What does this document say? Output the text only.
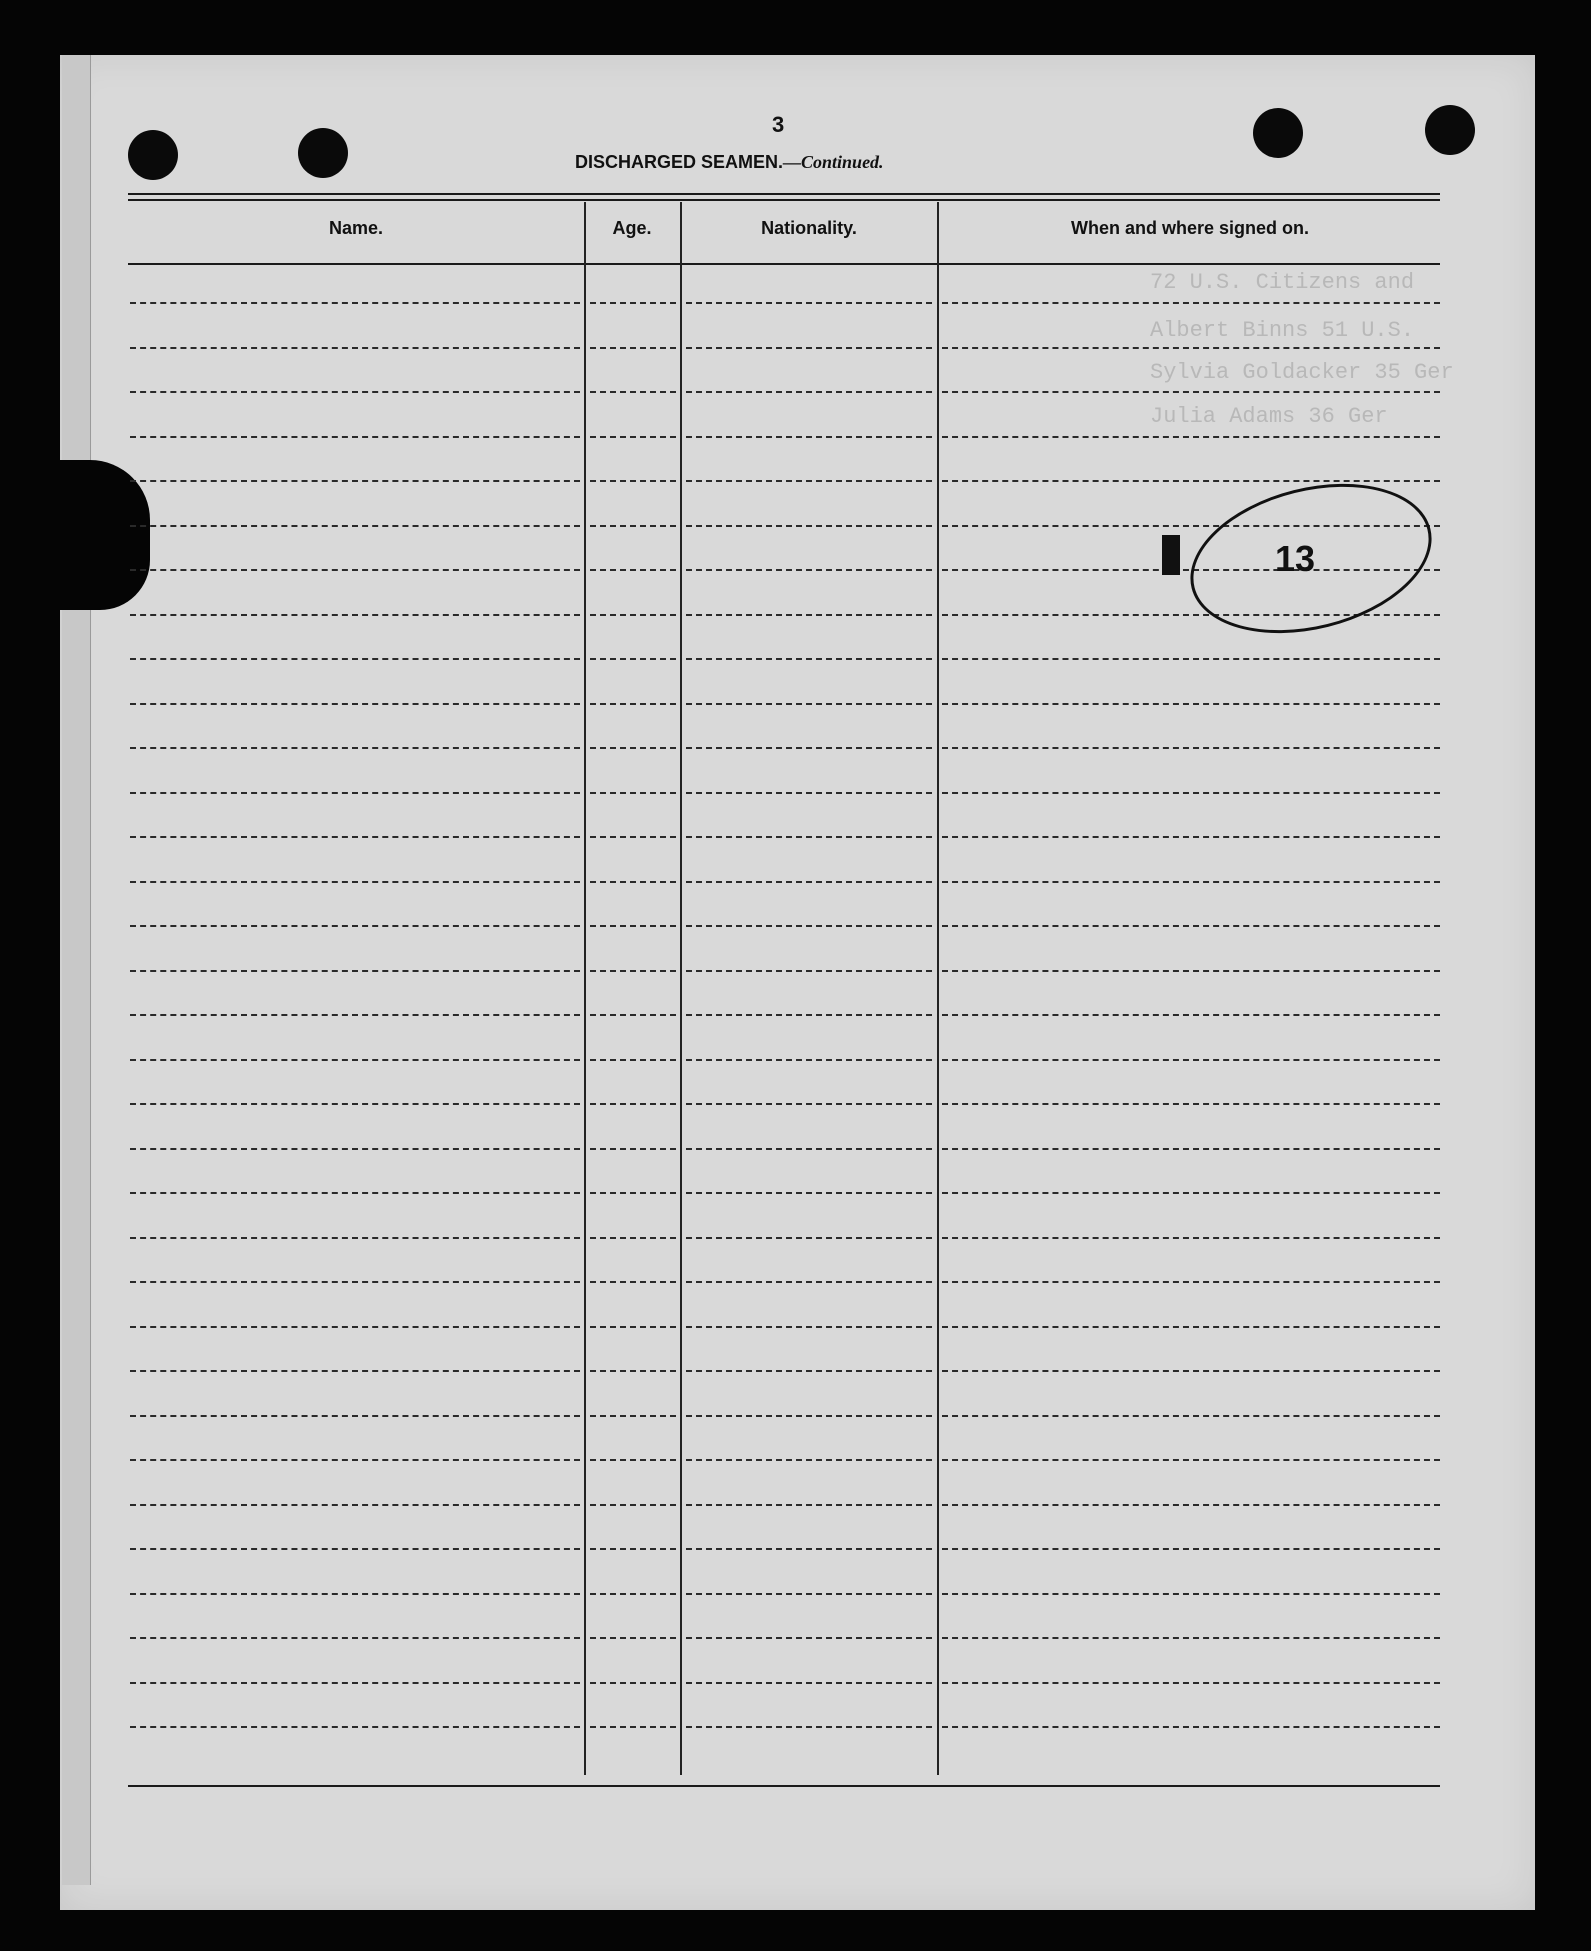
72 U.S. Citizens and
Albert Binns 51 U.S.
Sylvia Goldacker 35 Ger
Julia Adams 36 Ger
3
DISCHARGED SEAMEN.—Continued.
Name.	Age.	Nationality.	When and where signed on.
13
